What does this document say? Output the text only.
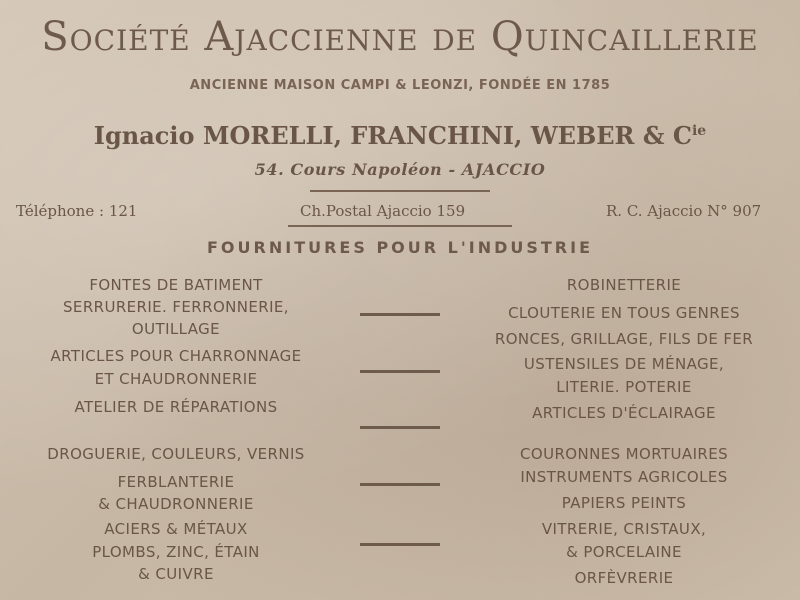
Société Ajaccienne de Quincaillerie
ANCIENNE MAISON CAMPI & LEONZI, FONDÉE EN 1785
Ignacio MORELLI, FRANCHINI, WEBER & $C^{ie}$
54. Cours Napoléon - AJACCIO
Téléphone : 121	Ch.Postal Ajaccio 159	R. C. Ajaccio N° 907
FOURNITURES POUR L'INDUSTRIE
FONTES DE BATIMENT
SERRURERIE. FERRONNERIE,
OUTILLAGE
ARTICLES POUR CHARRONNAGE
ET CHAUDRONNERIE
ATELIER DE RÉPARATIONS
DROGUERIE, COULEURS, VERNIS
FERBLANTERIE
& CHAUDRONNERIE
ACIERS & MÉTAUX
PLOMBS, ZINC, ÉTAIN
& CUIVRE
ROBINETTERIE
CLOUTERIE EN TOUS GENRES
RONCES, GRILLAGE, FILS DE FER
USTENSILES DE MÉNAGE,
LITERIE. POTERIE
ARTICLES D'ÉCLAIRAGE
COURONNES MORTUAIRES
INSTRUMENTS AGRICOLES
PAPIERS PEINTS
VITRERIE, CRISTAUX,
& PORCELAINE
ORFÈVRERIE
